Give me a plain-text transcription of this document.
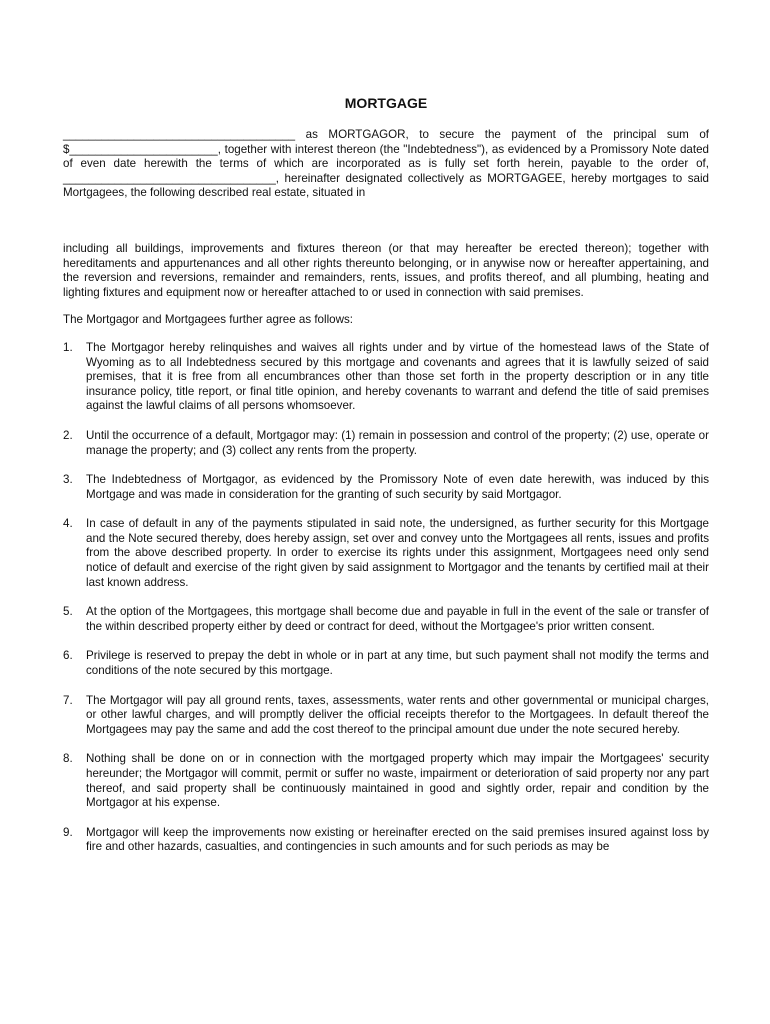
MORTGAGE

____________________________________ as MORTGAGOR, to secure the payment of the principal sum of $_______________________, together with interest thereon (the "Indebtedness"), as evidenced by a Promissory Note dated of even date herewith the terms of which are incorporated as is fully set forth herein, payable to the order of, _________________________________, hereinafter designated collectively as MORTGAGEE, hereby mortgages to said Mortgagees, the following described real estate, situated in

including all buildings, improvements and fixtures thereon (or that may hereafter be erected thereon); together with hereditaments and appurtenances and all other rights thereunto belonging, or in anywise now or hereafter appertaining, and the reversion and reversions, remainder and remainders, rents, issues, and profits thereof, and all plumbing, heating and lighting fixtures and equipment now or hereafter attached to or used in connection with said premises.

The Mortgagor and Mortgagees further agree as follows:

1. The Mortgagor hereby relinquishes and waives all rights under and by virtue of the homestead laws of the State of Wyoming as to all Indebtedness secured by this mortgage and covenants and agrees that it is lawfully seized of said premises, that it is free from all encumbrances other than those set forth in the property description or in any title insurance policy, title report, or final title opinion, and hereby covenants to warrant and defend the title of said premises against the lawful claims of all persons whomsoever.
2. Until the occurrence of a default, Mortgagor may: (1) remain in possession and control of the property; (2) use, operate or manage the property; and (3) collect any rents from the property.
3. The Indebtedness of Mortgagor, as evidenced by the Promissory Note of even date herewith, was induced by this Mortgage and was made in consideration for the granting of such security by said Mortgagor.
4. In case of default in any of the payments stipulated in said note, the undersigned, as further security for this Mortgage and the Note secured thereby, does hereby assign, set over and convey unto the Mortgagees all rents, issues and profits from the above described property. In order to exercise its rights under this assignment, Mortgagees need only send notice of default and exercise of the right given by said assignment to Mortgagor and the tenants by certified mail at their last known address.
5. At the option of the Mortgagees, this mortgage shall become due and payable in full in the event of the sale or transfer of the within described property either by deed or contract for deed, without the Mortgagee's prior written consent.
6. Privilege is reserved to prepay the debt in whole or in part at any time, but such payment shall not modify the terms and conditions of the note secured by this mortgage.
7. The Mortgagor will pay all ground rents, taxes, assessments, water rents and other governmental or municipal charges, or other lawful charges, and will promptly deliver the official receipts therefor to the Mortgagees. In default thereof the Mortgagees may pay the same and add the cost thereof to the principal amount due under the note secured hereby.
8. Nothing shall be done on or in connection with the mortgaged property which may impair the Mortgagees' security hereunder; the Mortgagor will commit, permit or suffer no waste, impairment or deterioration of said property nor any part thereof, and said property shall be continuously maintained in good and sightly order, repair and condition by the Mortgagor at his expense.
9. Mortgagor will keep the improvements now existing or hereinafter erected on the said premises insured against loss by fire and other hazards, casualties, and contingencies in such amounts and for such periods as may be
